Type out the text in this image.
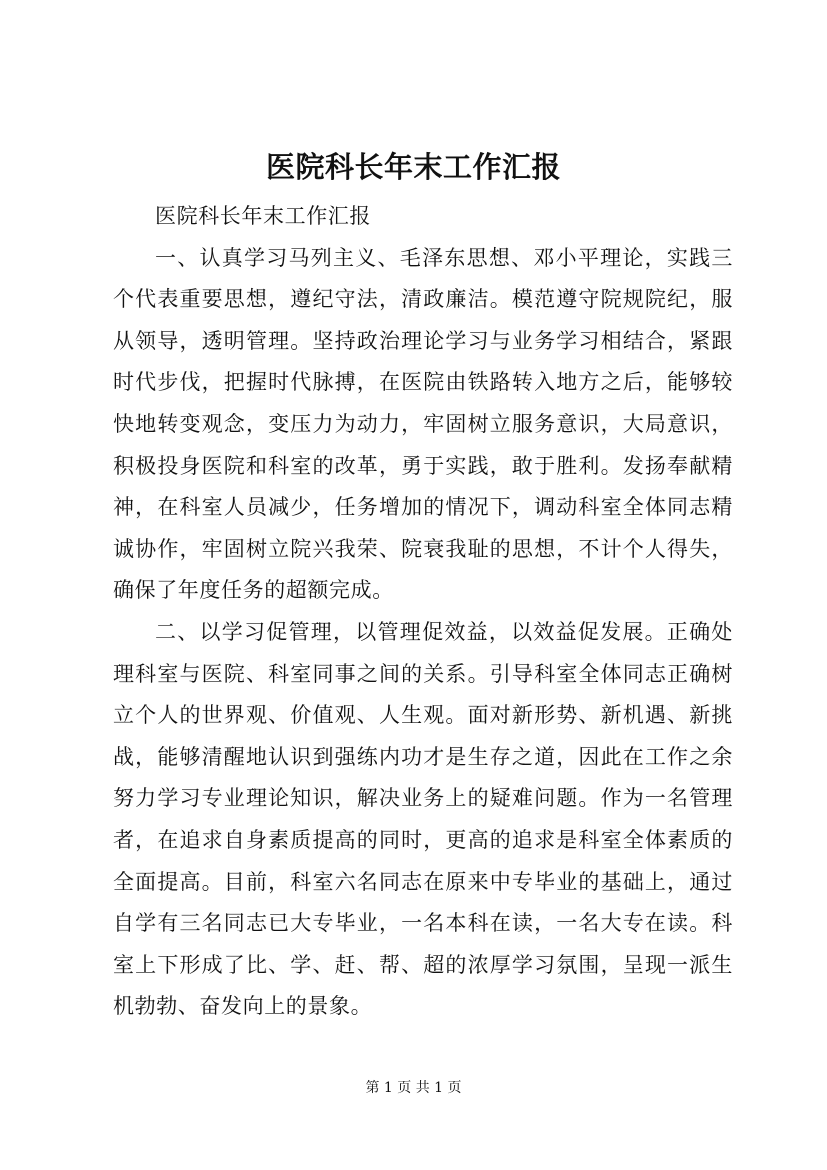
医院科长年末工作汇报

医院科长年末工作汇报

一、认真学习马列主义、毛泽东思想、邓小平理论，实践三个代表重要思想，遵纪守法，清政廉洁。模范遵守院规院纪，服从领导，透明管理。坚持政治理论学习与业务学习相结合，紧跟时代步伐，把握时代脉搏，在医院由铁路转入地方之后，能够较快地转变观念，变压力为动力，牢固树立服务意识，大局意识，积极投身医院和科室的改革，勇于实践，敢于胜利。发扬奉献精神，在科室人员减少，任务增加的情况下，调动科室全体同志精诚协作，牢固树立院兴我荣、院衰我耻的思想，不计个人得失，确保了年度任务的超额完成。

二、以学习促管理，以管理促效益，以效益促发展。正确处理科室与医院、科室同事之间的关系。引导科室全体同志正确树立个人的世界观、价值观、人生观。面对新形势、新机遇、新挑战，能够清醒地认识到强练内功才是生存之道，因此在工作之余努力学习专业理论知识，解决业务上的疑难问题。作为一名管理者，在追求自身素质提高的同时，更高的追求是科室全体素质的全面提高。目前，科室六名同志在原来中专毕业的基础上，通过自学有三名同志已大专毕业，一名本科在读，一名大专在读。科室上下形成了比、学、赶、帮、超的浓厚学习氛围，呈现一派生机勃勃、奋发向上的景象。

第 1 页 共 1 页
